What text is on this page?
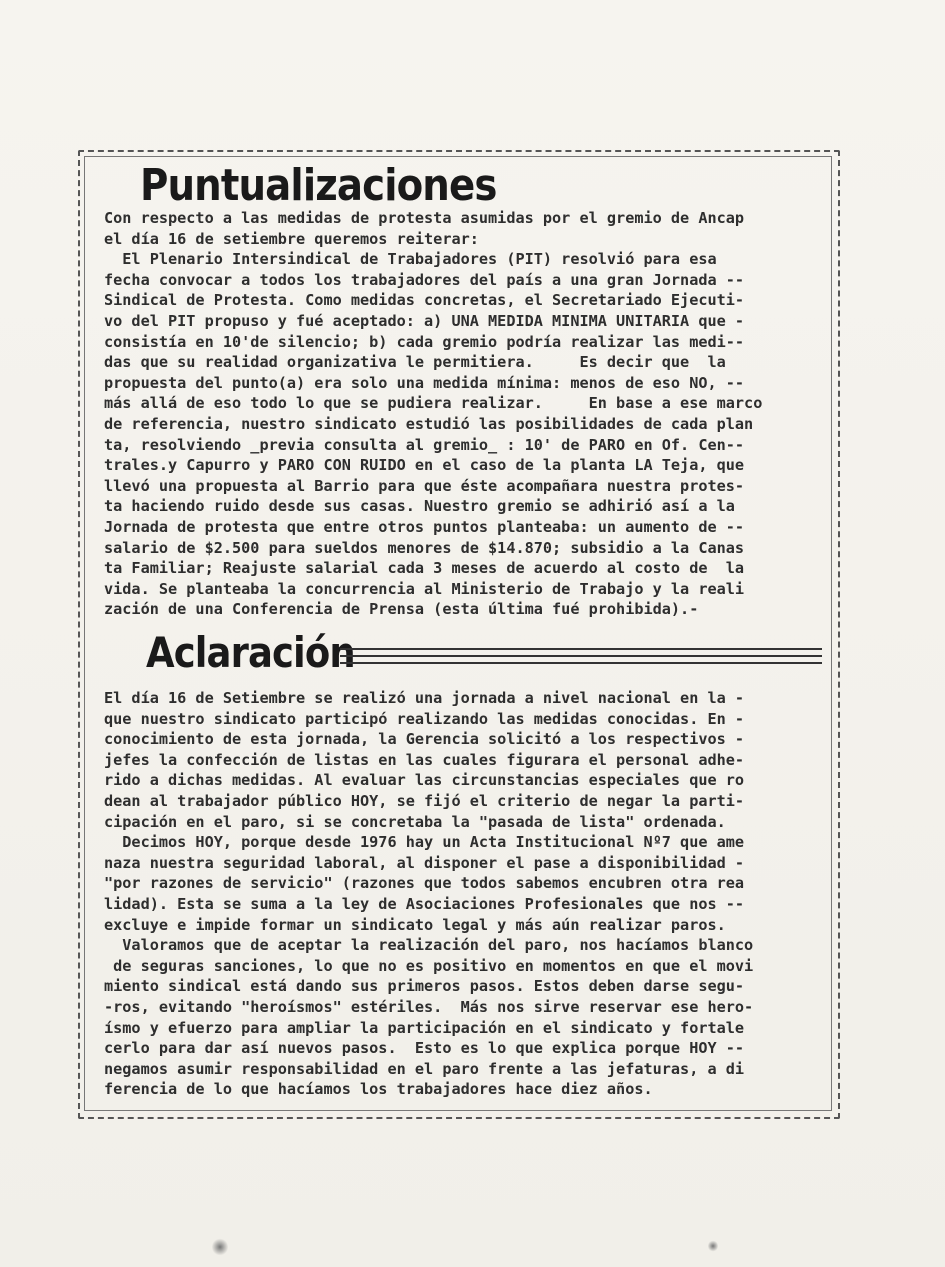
Puntualizaciones
Con respecto a las medidas de protesta asumidas por el gremio de Ancap
el día 16 de setiembre queremos reiterar:
El Plenario Intersindical de Trabajadores (PIT) resolvió para esa
fecha convocar a todos los trabajadores del país a una gran Jornada --
Sindical de Protesta. Como medidas concretas, el Secretariado Ejecuti-
vo del PIT propuso y fué aceptado: a) UNA MEDIDA MINIMA UNITARIA que -
consistía en 10'de silencio; b) cada gremio podría realizar las medi--
das que su realidad organizativa le permitiera.     Es decir que  la
propuesta del punto(a) era solo una medida mínima: menos de eso NO, --
más allá de eso todo lo que se pudiera realizar.     En base a ese marco
de referencia, nuestro sindicato estudió las posibilidades de cada plan
ta, resolviendo _previa consulta al gremio_ : 10' de PARO en Of. Cen--
trales.y Capurro y PARO CON RUIDO en el caso de la planta LA Teja, que
llevó una propuesta al Barrio para que éste acompañara nuestra protes-
ta haciendo ruido desde sus casas. Nuestro gremio se adhirió así a la
Jornada de protesta que entre otros puntos planteaba: un aumento de --
salario de $2.500 para sueldos menores de $14.870; subsidio a la Canas
ta Familiar; Reajuste salarial cada 3 meses de acuerdo al costo de  la
vida. Se planteaba la concurrencia al Ministerio de Trabajo y la reali
zación de una Conferencia de Prensa (esta última fué prohibida).-
Aclaración
El día 16 de Setiembre se realizó una jornada a nivel nacional en la -
que nuestro sindicato participó realizando las medidas conocidas. En -
conocimiento de esta jornada, la Gerencia solicitó a los respectivos -
jefes la confección de listas en las cuales figurara el personal adhe-
rido a dichas medidas. Al evaluar las circunstancias especiales que ro
dean al trabajador público HOY, se fijó el criterio de negar la parti-
cipación en el paro, si se concretaba la "pasada de lista" ordenada.
Decimos HOY, porque desde 1976 hay un Acta Institucional Nº7 que ame
naza nuestra seguridad laboral, al disponer el pase a disponibilidad -
"por razones de servicio" (razones que todos sabemos encubren otra rea
lidad). Esta se suma a la ley de Asociaciones Profesionales que nos --
excluye e impide formar un sindicato legal y más aún realizar paros.
Valoramos que de aceptar la realización del paro, nos hacíamos blanco
de seguras sanciones, lo que no es positivo en momentos en que el movi
miento sindical está dando sus primeros pasos. Estos deben darse segu-
-ros, evitando "heroísmos" estériles.  Más nos sirve reservar ese hero-
ísmo y efuerzo para ampliar la participación en el sindicato y fortale
cerlo para dar así nuevos pasos.  Esto es lo que explica porque HOY --
negamos asumir responsabilidad en el paro frente a las jefaturas, a di
ferencia de lo que hacíamos los trabajadores hace diez años.
